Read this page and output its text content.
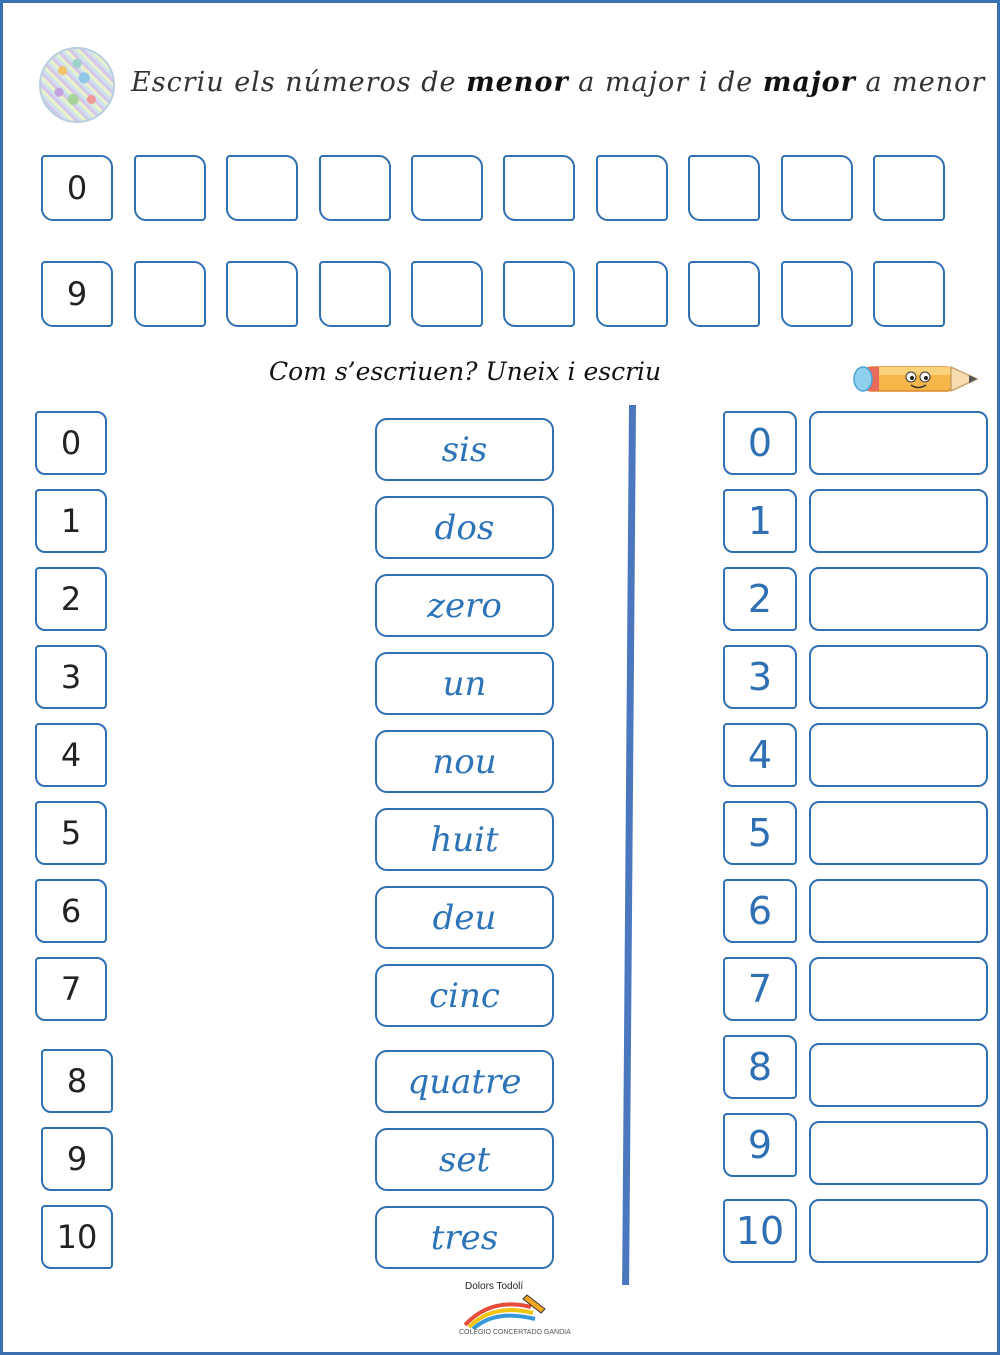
Escriu els números de menor a major i de major a menor
0
9
Com s’escriuen? Uneix i escriu
0
1
2
3
4
5
6
7
8
9
10
sis
dos
zero
un
nou
huit
deu
cinc
quatre
set
tres
0
1
2
3
4
5
6
7
8
9
10
Dolors Todolí
COLEGIO CONCERTADO GANDIA
